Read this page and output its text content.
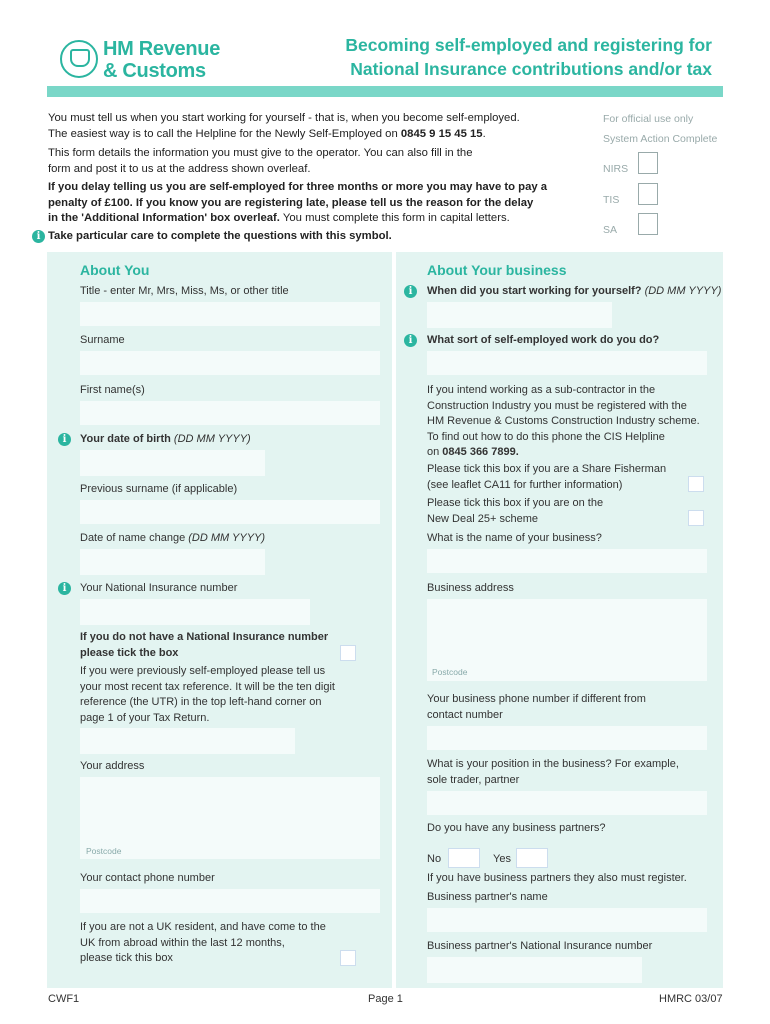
HM Revenue
& Customs
Becoming self-employed and registering for
National Insurance contributions and/or tax
You must tell us when you start working for yourself - that is, when you become self-employed.
The easiest way is to call the Helpline for the Newly Self-Employed on 0845 9 15 45 15.
This form details the information you must give to the operator. You can also fill in the
form and post it to us at the address shown overleaf.
If you delay telling us you are self-employed for three months or more you may have to pay a
penalty of £100. If you know you are registering late, please tell us the reason for the delay
in the 'Additional Information' box overleaf. You must complete this form in capital letters.
i Take particular care to complete the questions with this symbol.
For official use only
System Action Complete
NIRS
TIS
SA
About You
Title - enter Mr, Mrs, Miss, Ms, or other title
Surname
First name(s)
i	Your date of birth (DD MM YYYY)
Previous surname (if applicable)
Date of name change (DD MM YYYY)
i	Your National Insurance number
If you do not have a National Insurance number
please tick the box
If you were previously self-employed please tell us
your most recent tax reference. It will be the ten digit
reference (the UTR) in the top left-hand corner on
page 1 of your Tax Return.
Your address
Postcode
Your contact phone number
If you are not a UK resident, and have come to the
UK from abroad within the last 12 months,
please tick this box
About Your business
i	When did you start working for yourself? (DD MM YYYY)
i	What sort of self-employed work do you do?
If you intend working as a sub-contractor in the
Construction Industry you must be registered with the
HM Revenue & Customs Construction Industry scheme.
To find out how to do this phone the CIS Helpline
on 0845 366 7899.
Please tick this box if you are a Share Fisherman
(see leaflet CA11 for further information)
Please tick this box if you are on the
New Deal 25+ scheme
What is the name of your business?
Business address
Postcode
Your business phone number if different from
contact number
What is your position in the business? For example,
sole trader, partner
Do you have any business partners?
No	Yes
If you have business partners they also must register.
Business partner's name
Business partner's National Insurance number
CWF1	Page 1	HMRC 03/07
